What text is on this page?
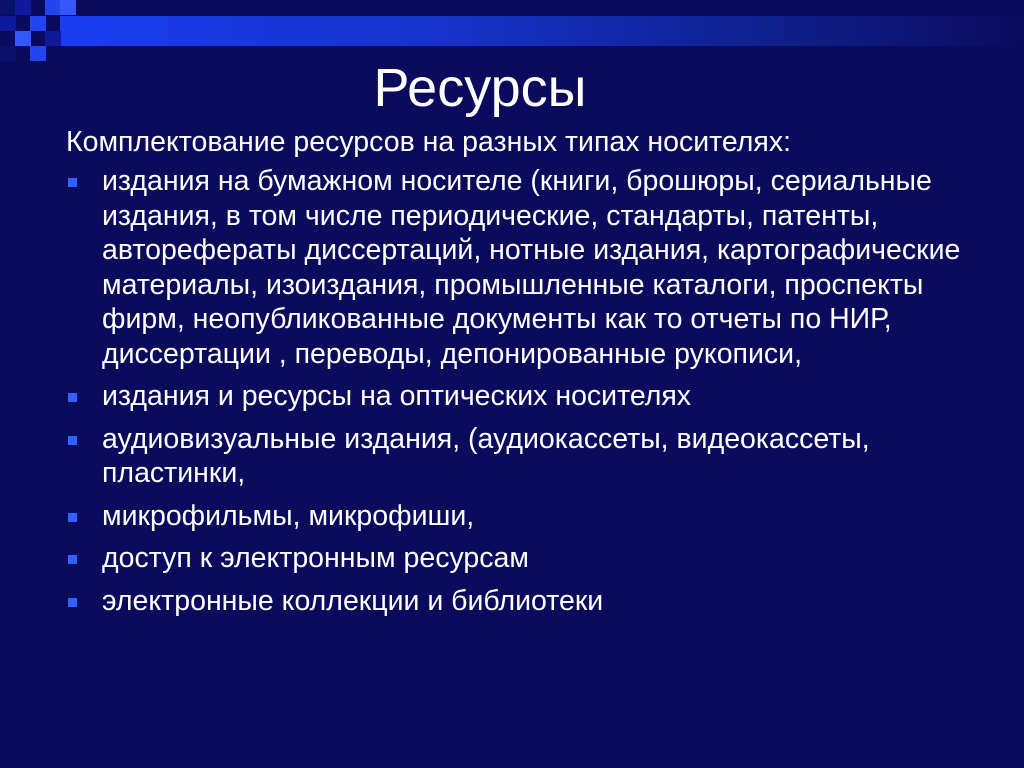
Ресурсы
Комплектование ресурсов на разных типах носителях:
издания на бумажном носителе (книги, брошюры, сериальные издания, в том числе периодические, стандарты, патенты, авторефераты диссертаций, нотные издания, картографические материалы, изоиздания, промышленные каталоги, проспекты фирм, неопубликованные документы как то отчеты по НИР, диссертации , переводы, депонированные рукописи,
издания и ресурсы на оптических носителях
аудиовизуальные издания, (аудиокассеты, видеокассеты, пластинки,
микрофильмы, микрофиши,
доступ к электронным ресурсам
электронные коллекции и библиотеки
